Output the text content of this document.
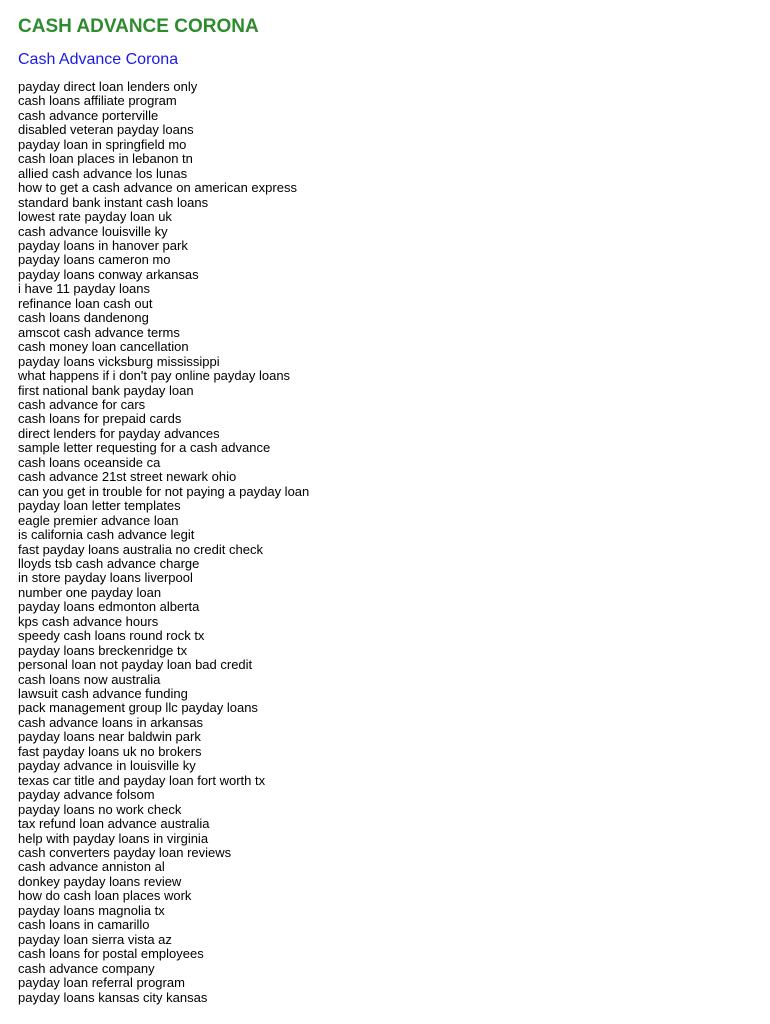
CASH ADVANCE CORONA
Cash Advance Corona
payday direct loan lenders only
cash loans affiliate program
cash advance porterville
disabled veteran payday loans
payday loan in springfield mo
cash loan places in lebanon tn
allied cash advance los lunas
how to get a cash advance on american express
standard bank instant cash loans
lowest rate payday loan uk
cash advance louisville ky
payday loans in hanover park
payday loans cameron mo
payday loans conway arkansas
i have 11 payday loans
refinance loan cash out
cash loans dandenong
amscot cash advance terms
cash money loan cancellation
payday loans vicksburg mississippi
what happens if i don't pay online payday loans
first national bank payday loan
cash advance for cars
cash loans for prepaid cards
direct lenders for payday advances
sample letter requesting for a cash advance
cash loans oceanside ca
cash advance 21st street newark ohio
can you get in trouble for not paying a payday loan
payday loan letter templates
eagle premier advance loan
is california cash advance legit
fast payday loans australia no credit check
lloyds tsb cash advance charge
in store payday loans liverpool
number one payday loan
payday loans edmonton alberta
kps cash advance hours
speedy cash loans round rock tx
payday loans breckenridge tx
personal loan not payday loan bad credit
cash loans now australia
lawsuit cash advance funding
pack management group llc payday loans
cash advance loans in arkansas
payday loans near baldwin park
fast payday loans uk no brokers
payday advance in louisville ky
texas car title and payday loan fort worth tx
payday advance folsom
payday loans no work check
tax refund loan advance australia
help with payday loans in virginia
cash converters payday loan reviews
cash advance anniston al
donkey payday loans review
how do cash loan places work
payday loans magnolia tx
cash loans in camarillo
payday loan sierra vista az
cash loans for postal employees
cash advance company
payday loan referral program
payday loans kansas city kansas
